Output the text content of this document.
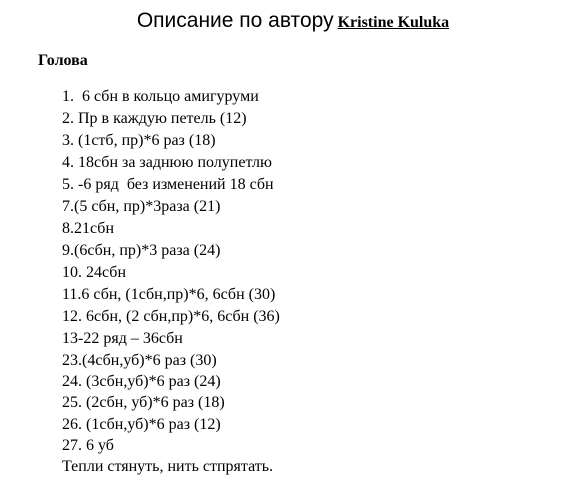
Описание по автору Kristine Kuluka
Голова
1.  6 сбн в кольцо амигуруми
2. Пр в каждую петель (12)
3. (1стб, пр)*6 раз (18)
4. 18сбн за заднюю полупетлю
5. -6 ряд  без изменений 18 сбн
7.(5 сбн, пр)*3раза (21)
8.21сбн
9.(6сбн, пр)*3 раза (24)
10. 24сбн
11.6 сбн, (1сбн,пр)*6, 6сбн (30)
12. 6сбн, (2 сбн,пр)*6, 6сбн (36)
13-22 ряд – 36сбн
23.(4сбн,уб)*6 раз (30)
24. (3сбн,уб)*6 раз (24)
25. (2сбн, уб)*6 раз (18)
26. (1сбн,уб)*6 раз (12)
27. 6 уб
Тепли стянуть, нить стпрятать.
